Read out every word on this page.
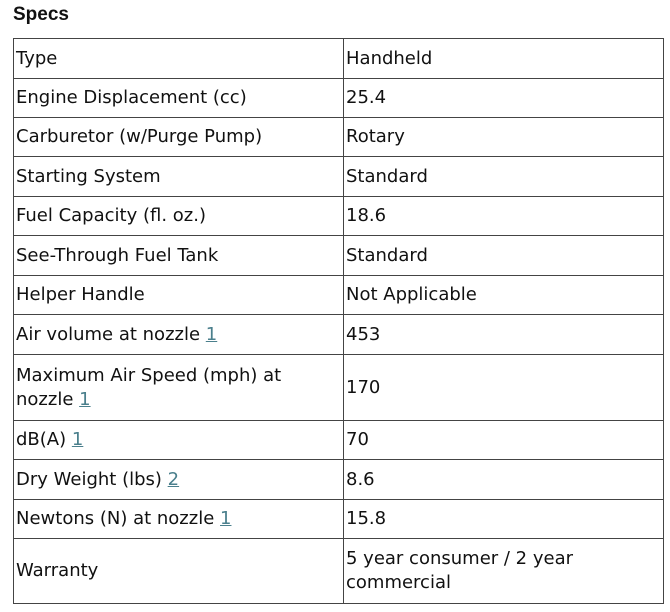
Specs
Type	Handheld
Engine Displacement (cc)	25.4
Carburetor (w/Purge Pump)	Rotary
Starting System	Standard
Fuel Capacity (fl. oz.)	18.6
See-Through Fuel Tank	Standard
Helper Handle	Not Applicable
Air volume at nozzle 1	453
Maximum Air Speed (mph) at nozzle 1	170
dB(A) 1	70
Dry Weight (lbs) 2	8.6
Newtons (N) at nozzle 1	15.8
Warranty	5 year consumer / 2 year commercial
